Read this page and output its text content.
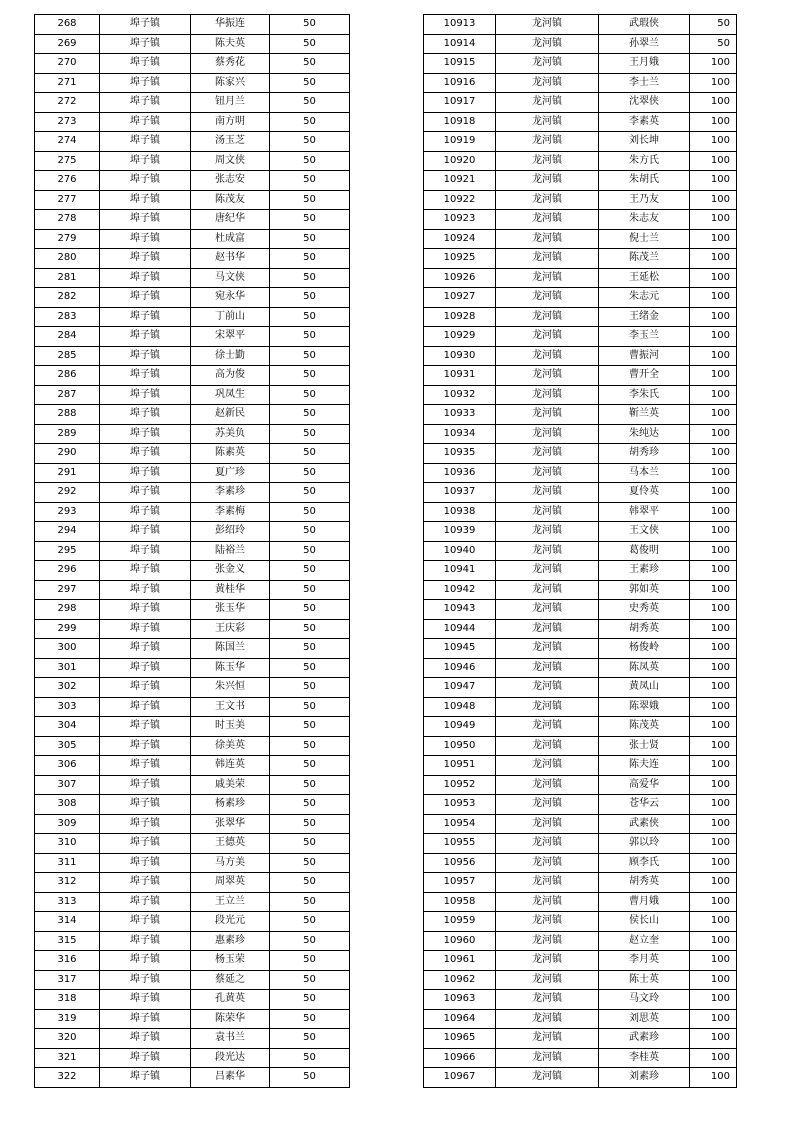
268	埠子镇	华振连	50
269	埠子镇	陈夫英	50
270	埠子镇	蔡秀花	50
271	埠子镇	陈家兴	50
272	埠子镇	钮月兰	50
273	埠子镇	南方明	50
274	埠子镇	汤玉芝	50
275	埠子镇	周文侠	50
276	埠子镇	张志安	50
277	埠子镇	陈茂友	50
278	埠子镇	唐纪华	50
279	埠子镇	杜成富	50
280	埠子镇	赵书华	50
281	埠子镇	马文侠	50
282	埠子镇	宛永华	50
283	埠子镇	丁前山	50
284	埠子镇	宋翠平	50
285	埠子镇	徐士勤	50
286	埠子镇	高为俊	50
287	埠子镇	巩凤生	50
288	埠子镇	赵新民	50
289	埠子镇	苏美负	50
290	埠子镇	陈素英	50
291	埠子镇	夏广珍	50
292	埠子镇	李素珍	50
293	埠子镇	李素梅	50
294	埠子镇	彭绍玲	50
295	埠子镇	陆裕兰	50
296	埠子镇	张金义	50
297	埠子镇	黄桂华	50
298	埠子镇	张玉华	50
299	埠子镇	王庆彩	50
300	埠子镇	陈国兰	50
301	埠子镇	陈玉华	50
302	埠子镇	朱兴恒	50
303	埠子镇	王文书	50
304	埠子镇	时玉美	50
305	埠子镇	徐美英	50
306	埠子镇	韩连英	50
307	埠子镇	戚美荣	50
308	埠子镇	杨素珍	50
309	埠子镇	张翠华	50
310	埠子镇	王德英	50
311	埠子镇	马方美	50
312	埠子镇	周翠英	50
313	埠子镇	王立兰	50
314	埠子镇	段光元	50
315	埠子镇	惠素珍	50
316	埠子镇	杨玉荣	50
317	埠子镇	蔡延之	50
318	埠子镇	孔黄英	50
319	埠子镇	陈荣华	50
320	埠子镇	袁书兰	50
321	埠子镇	段光达	50
322	埠子镇	吕素华	50
10913	龙河镇	武瑕侠	50
10914	龙河镇	孙翠兰	50
10915	龙河镇	王月娥	100
10916	龙河镇	李士兰	100
10917	龙河镇	沈翠侠	100
10918	龙河镇	李素英	100
10919	龙河镇	刘长坤	100
10920	龙河镇	朱方氏	100
10921	龙河镇	朱胡氏	100
10922	龙河镇	王乃友	100
10923	龙河镇	朱志友	100
10924	龙河镇	倪士兰	100
10925	龙河镇	陈茂兰	100
10926	龙河镇	王延松	100
10927	龙河镇	朱志元	100
10928	龙河镇	王绪金	100
10929	龙河镇	李玉兰	100
10930	龙河镇	曹振河	100
10931	龙河镇	曹开全	100
10932	龙河镇	李朱氏	100
10933	龙河镇	靳兰英	100
10934	龙河镇	朱纯达	100
10935	龙河镇	胡秀珍	100
10936	龙河镇	马本兰	100
10937	龙河镇	夏伶英	100
10938	龙河镇	韩翠平	100
10939	龙河镇	王文侠	100
10940	龙河镇	葛俊明	100
10941	龙河镇	王素珍	100
10942	龙河镇	郭如英	100
10943	龙河镇	史秀英	100
10944	龙河镇	胡秀英	100
10945	龙河镇	杨俊岭	100
10946	龙河镇	陈凤英	100
10947	龙河镇	黄凤山	100
10948	龙河镇	陈翠娥	100
10949	龙河镇	陈茂英	100
10950	龙河镇	张士贤	100
10951	龙河镇	陈夫连	100
10952	龙河镇	高爱华	100
10953	龙河镇	苍华云	100
10954	龙河镇	武素侠	100
10955	龙河镇	郭以玲	100
10956	龙河镇	顾李氏	100
10957	龙河镇	胡秀英	100
10958	龙河镇	曹月娥	100
10959	龙河镇	侯长山	100
10960	龙河镇	赵立奎	100
10961	龙河镇	李月英	100
10962	龙河镇	陈士英	100
10963	龙河镇	马文玲	100
10964	龙河镇	刘思英	100
10965	龙河镇	武素珍	100
10966	龙河镇	李桂英	100
10967	龙河镇	刘素珍	100
